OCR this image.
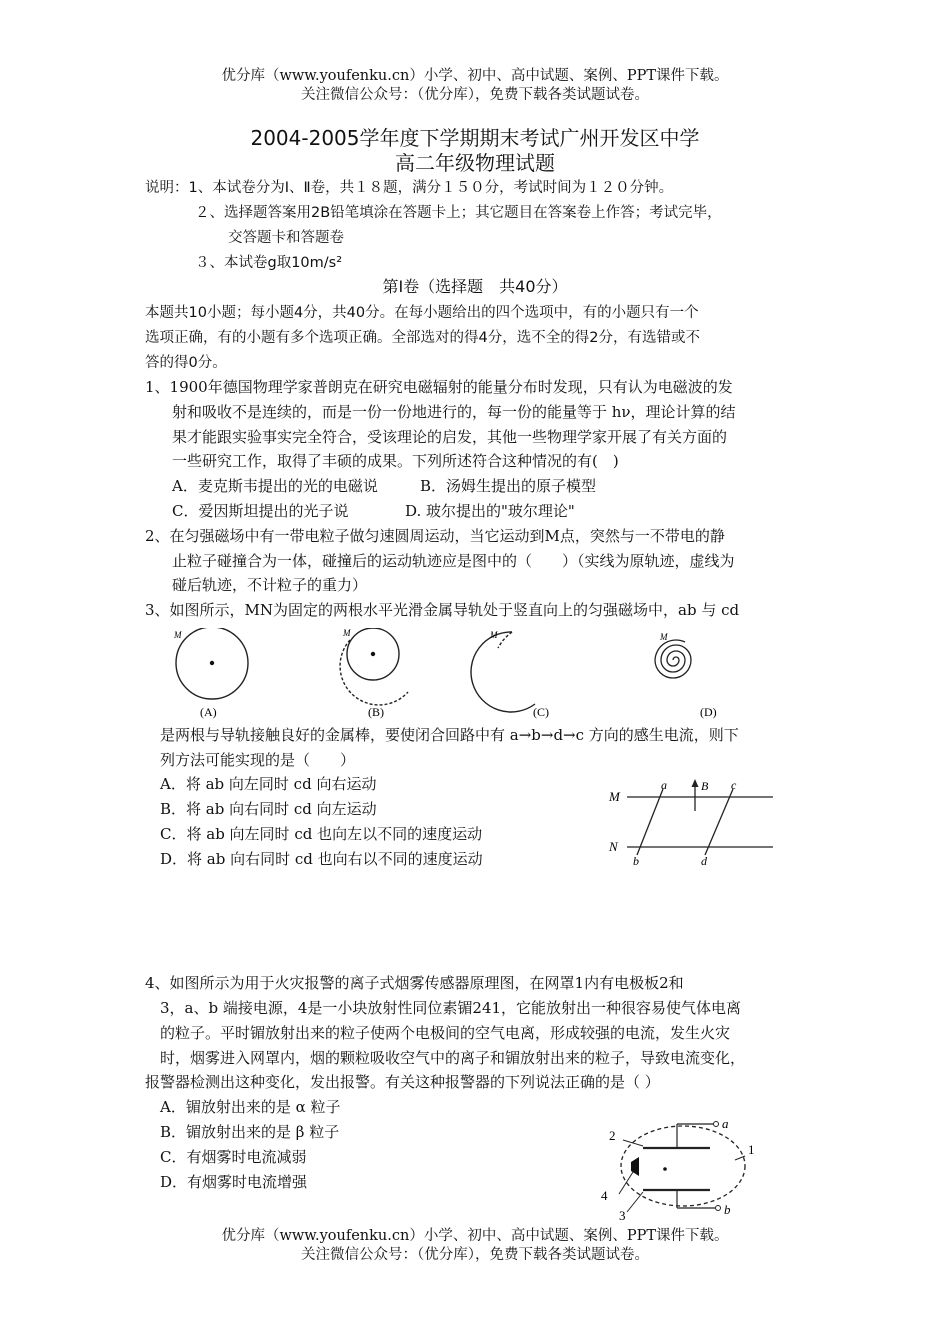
优分库（www.youfenku.cn）小学、初中、高中试题、案例、PPT课件下载。
关注微信公众号：（优分库），免费下载各类试题试卷。
2004-2005学年度下学期期末考试广州开发区中学
高二年级物理试题
说明：1、本试卷分为Ⅰ、Ⅱ卷，共１８题，满分１５０分，考试时间为１２０分钟。
２、选择题答案用2B铅笔填涂在答题卡上；其它题目在答案卷上作答；考试完毕，
交答题卡和答题卷
３、本试卷g取10m/s²
第Ⅰ卷（选择题　共40分）
本题共10小题；每小题4分，共40分。在每小题给出的四个选项中，有的小题只有一个
选项正确，有的小题有多个选项正确。全部选对的得4分，选不全的得2分，有选错或不
答的得0分。
1、1900年德国物理学家普朗克在研究电磁辐射的能量分布时发现，只有认为电磁波的发
射和吸收不是连续的，而是一份一份地进行的，每一份的能量等于 hν，理论计算的结
果才能跟实验事实完全符合，受该理论的启发，其他一些物理学家开展了有关方面的
一些研究工作，取得了丰硕的成果。下列所述符合这种情况的有(　)
A．麦克斯韦提出的光的电磁说	B．汤姆生提出的原子模型
C．爱因斯坦提出的光子说	D. 玻尔提出的"玻尔理论"
2、在匀强磁场中有一带电粒子做匀速圆周运动，当它运动到M点，突然与一不带电的静
止粒子碰撞合为一体，碰撞后的运动轨迹应是图中的（　　）（实线为原轨迹，虚线为
碰后轨迹，不计粒子的重力）
3、如图所示，MN为固定的两根水平光滑金属导轨处于竖直向上的匀强磁场中，ab 与 cd
M
(A)
M
(B)
M
(C)
M
(D)
是两根与导轨接触良好的金属棒，要使闭合回路中有 a→b→d→c 方向的感生电流，则下
列方法可能实现的是（　　）
A．将 ab 向左同时 cd 向右运动
B．将 ab 向右同时 cd 向左运动
C．将 ab 向左同时 cd 也向左以不同的速度运动
D．将 ab 向右同时 cd 也向右以不同的速度运动
M
N
a	B c
b	d
4、如图所示为用于火灾报警的离子式烟雾传感器原理图，在网罩1内有电极板2和
3，a、b 端接电源，4是一小块放射性同位素镅241，它能放射出一种很容易使气体电离
的粒子。平时镅放射出来的粒子使两个电极间的空气电离，形成较强的电流，发生火灾
时，烟雾进入网罩内，烟的颗粒吸收空气中的离子和镅放射出来的粒子，导致电流变化，
报警器检测出这种变化，发出报警。有关这种报警器的下列说法正确的是（ ）
A．镅放射出来的是 α 粒子
B．镅放射出来的是 β 粒子
C．有烟雾时电流减弱
D．有烟雾时电流增强
2
4
3
1
a
b
优分库（www.youfenku.cn）小学、初中、高中试题、案例、PPT课件下载。
关注微信公众号：（优分库），免费下载各类试题试卷。
